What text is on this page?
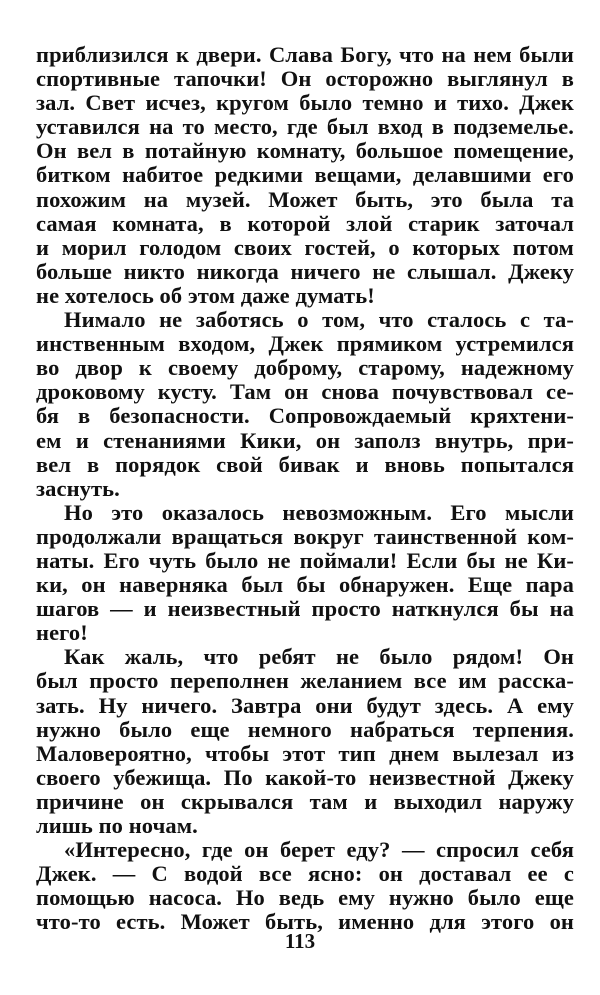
приблизился к двери. Слава Богу, что на нем были
спортивные тапочки! Он осторожно выглянул в
зал. Свет исчез, кругом было темно и тихо. Джек
уставился на то место, где был вход в подземелье.
Он вел в потайную комнату, большое помещение,
битком набитое редкими вещами, делавшими его
похожим на музей. Может быть, это была та
самая комната, в которой злой старик заточал
и морил голодом своих гостей, о которых потом
больше никто никогда ничего не слышал. Джеку
не хотелось об этом даже думать!
Нимало не заботясь о том, что сталось с та-
инственным входом, Джек прямиком устремился
во двор к своему доброму, старому, надежному
дроковому кусту. Там он снова почувствовал се-
бя в безопасности. Сопровождаемый кряхтени-
ем и стенаниями Кики, он заполз внутрь, при-
вел в порядок свой бивак и вновь попытался
заснуть.
Но это оказалось невозможным. Его мысли
продолжали вращаться вокруг таинственной ком-
наты. Его чуть было не поймали! Если бы не Ки-
ки, он наверняка был бы обнаружен. Еще пара
шагов — и неизвестный просто наткнулся бы на
него!
Как жаль, что ребят не было рядом! Он
был просто переполнен желанием все им расска-
зать. Ну ничего. Завтра они будут здесь. А ему
нужно было еще немного набраться терпения.
Маловероятно, чтобы этот тип днем вылезал из
своего убежища. По какой-то неизвестной Джеку
причине он скрывался там и выходил наружу
лишь по ночам.
«Интересно, где он берет еду? — спросил себя
Джек. — С водой все ясно: он доставал ее с
помощью насоса. Но ведь ему нужно было еще
что-то есть. Может быть, именно для этого он
113
